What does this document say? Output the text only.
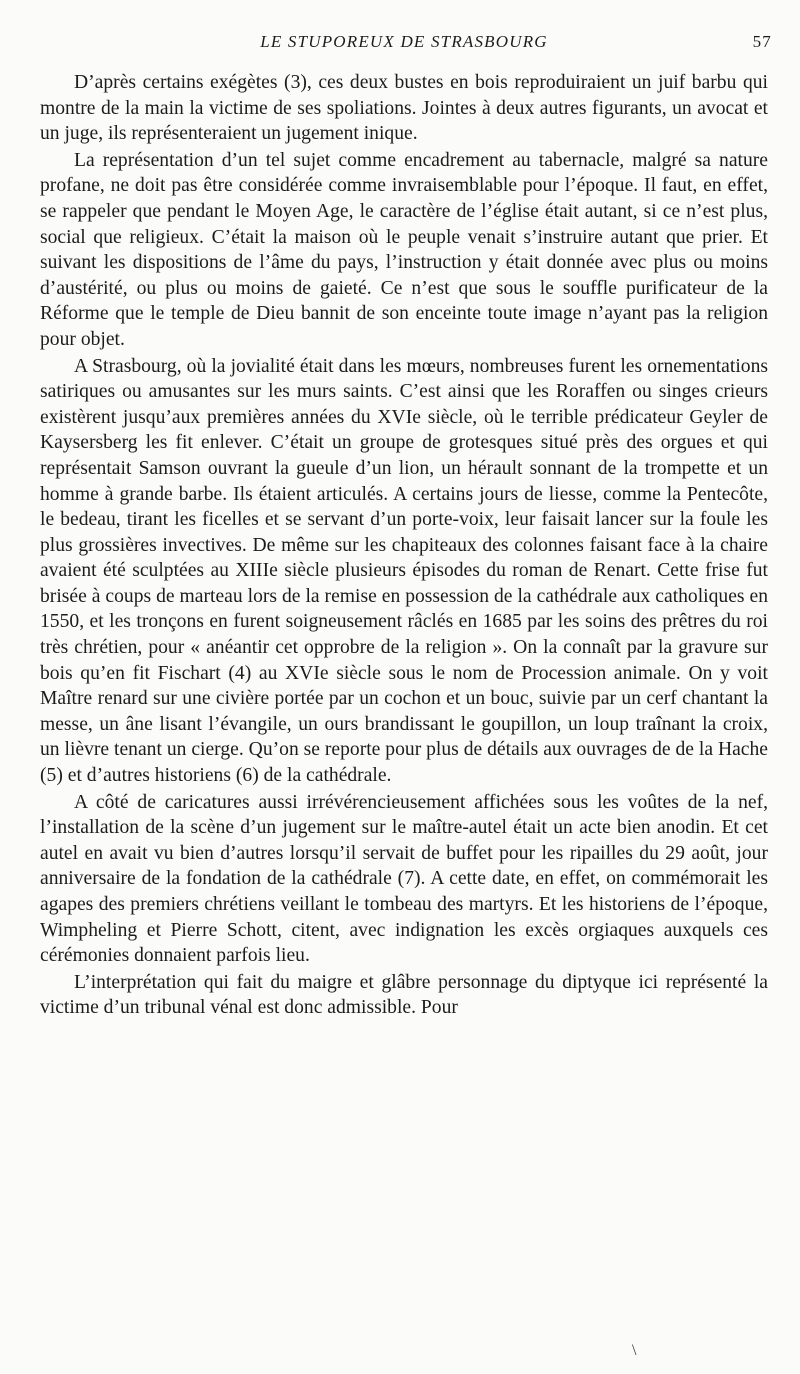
LE STUPOREUX DE STRASBOURG	57

D’après certains exégètes (3), ces deux bustes en bois reproduiraient un juif barbu qui montre de la main la victime de ses spoliations. Jointes à deux autres figurants, un avocat et un juge, ils représenteraient un jugement inique.

La représentation d’un tel sujet comme encadrement au tabernacle, malgré sa nature profane, ne doit pas être considérée comme invraisemblable pour l’époque. Il faut, en effet, se rappeler que pendant le Moyen Age, le caractère de l’église était autant, si ce n’est plus, social que religieux. C’était la maison où le peuple venait s’instruire autant que prier. Et suivant les dispositions de l’âme du pays, l’instruction y était donnée avec plus ou moins d’austérité, ou plus ou moins de gaieté. Ce n’est que sous le souffle purificateur de la Réforme que le temple de Dieu bannit de son enceinte toute image n’ayant pas la religion pour objet.

A Strasbourg, où la jovialité était dans les mœurs, nombreuses furent les ornementations satiriques ou amusantes sur les murs saints. C’est ainsi que les Roraffen ou singes crieurs existèrent jusqu’aux premières années du XVIe siècle, où le terrible prédicateur Geyler de Kaysersberg les fit enlever. C’était un groupe de grotesques situé près des orgues et qui représentait Samson ouvrant la gueule d’un lion, un hérault sonnant de la trompette et un homme à grande barbe. Ils étaient articulés. A certains jours de liesse, comme la Pentecôte, le bedeau, tirant les ficelles et se servant d’un porte-voix, leur faisait lancer sur la foule les plus grossières invectives. De même sur les chapiteaux des colonnes faisant face à la chaire avaient été sculptées au XIIIe siècle plusieurs épisodes du roman de Renart. Cette frise fut brisée à coups de marteau lors de la remise en possession de la cathédrale aux catholiques en 1550, et les tronçons en furent soigneusement râclés en 1685 par les soins des prêtres du roi très chrétien, pour « anéantir cet opprobre de la religion ». On la connaît par la gravure sur bois qu’en fit Fischart (4) au XVIe siècle sous le nom de Procession animale. On y voit Maître renard sur une civière portée par un cochon et un bouc, suivie par un cerf chantant la messe, un âne lisant l’évangile, un ours brandissant le goupillon, un loup traînant la croix, un lièvre tenant un cierge. Qu’on se reporte pour plus de détails aux ouvrages de de la Hache (5) et d’autres historiens (6) de la cathédrale.

A côté de caricatures aussi irrévérencieusement affichées sous les voûtes de la nef, l’installation de la scène d’un jugement sur le maître-autel était un acte bien anodin. Et cet autel en avait vu bien d’autres lorsqu’il servait de buffet pour les ripailles du 29 août, jour anniversaire de la fondation de la cathédrale (7). A cette date, en effet, on commémorait les agapes des premiers chrétiens veillant le tombeau des martyrs. Et les historiens de l’époque, Wimpheling et Pierre Schott, citent, avec indignation les excès orgiaques auxquels ces cérémonies donnaient parfois lieu.

L’interprétation qui fait du maigre et glâbre personnage du diptyque ici représenté la victime d’un tribunal vénal est donc admissible. Pour

\
